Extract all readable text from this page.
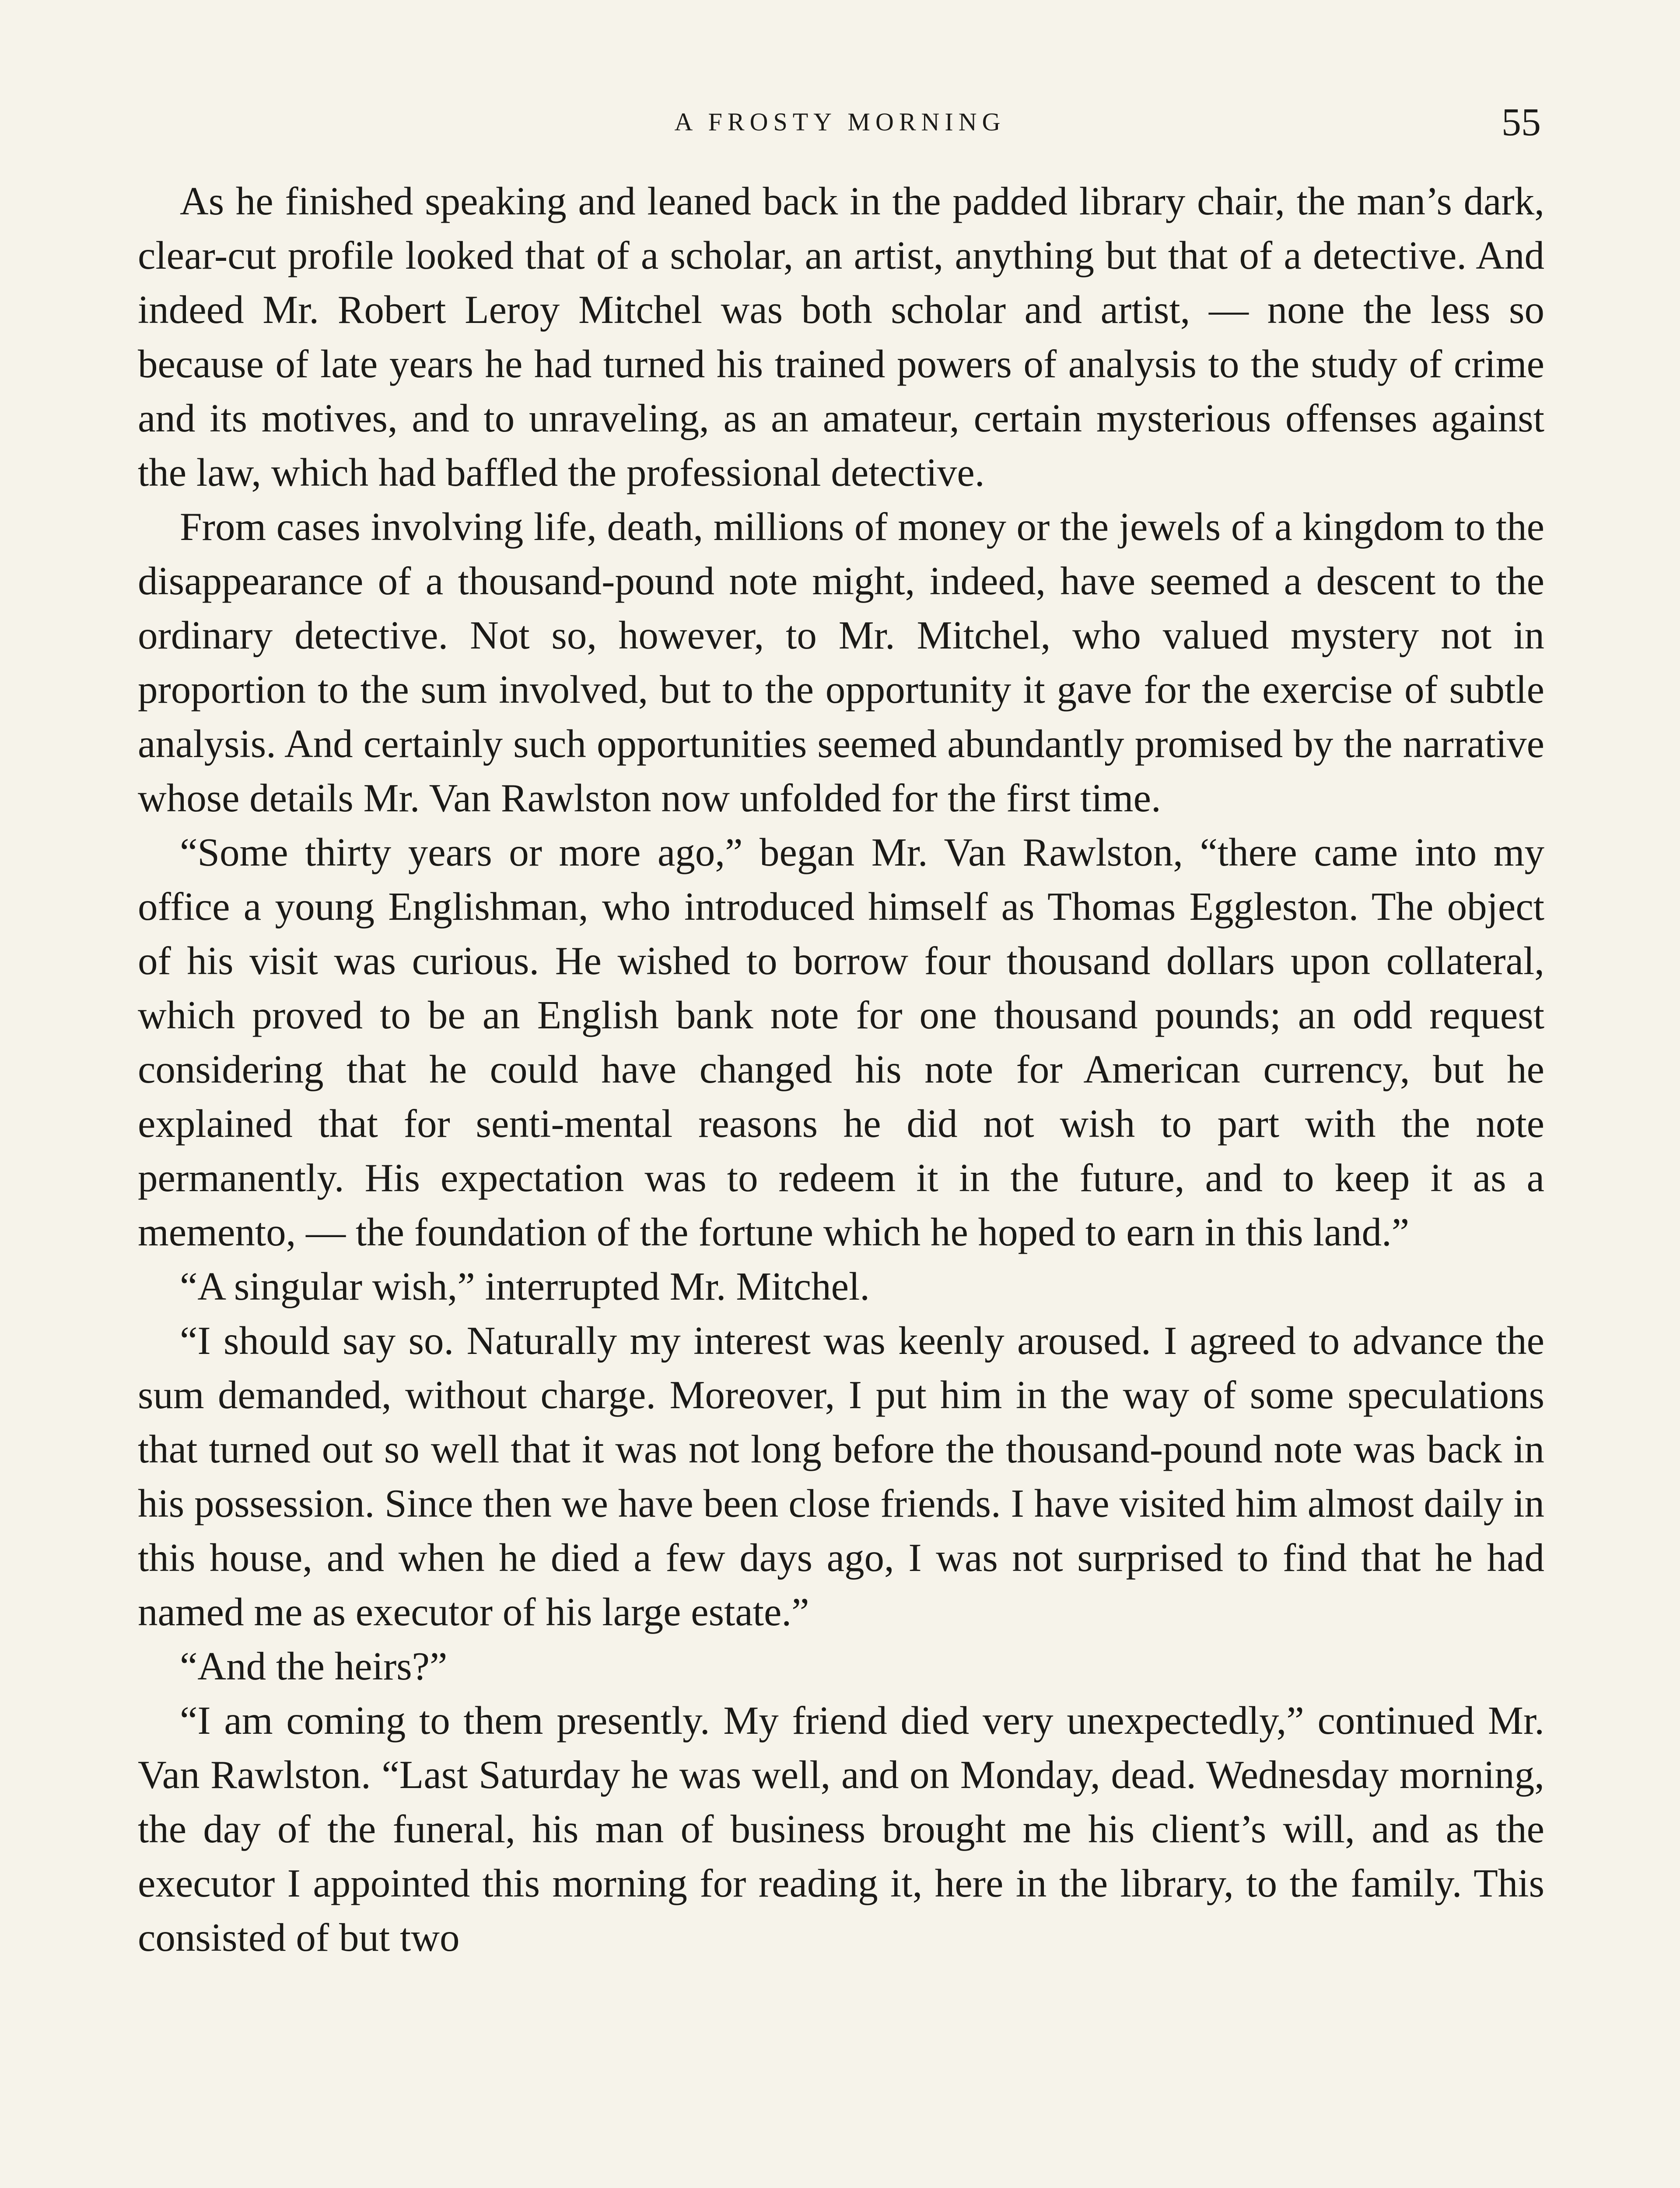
A FROSTY MORNING	55

As he finished speaking and leaned back in the padded library chair, the man’s dark, clear-cut profile looked that of a scholar, an artist, anything but that of a detective. And indeed Mr. Robert Leroy Mitchel was both scholar and artist, — none the less so because of late years he had turned his trained powers of analysis to the study of crime and its motives, and to unraveling, as an amateur, certain mysterious offenses against the law, which had baffled the professional detective.

From cases involving life, death, millions of money or the jewels of a kingdom to the disappearance of a thousand-pound note might, indeed, have seemed a descent to the ordinary detective. Not so, however, to Mr. Mitchel, who valued mystery not in proportion to the sum involved, but to the opportunity it gave for the exercise of subtle analysis. And certainly such opportunities seemed abundantly promised by the narrative whose details Mr. Van Rawlston now unfolded for the first time.

“Some thirty years or more ago,” began Mr. Van Rawlston, “there came into my office a young Englishman, who introduced himself as Thomas Eggleston. The object of his visit was curious. He wished to borrow four thousand dollars upon collateral, which proved to be an English bank note for one thousand pounds; an odd request considering that he could have changed his note for American currency, but he explained that for senti-mental reasons he did not wish to part with the note permanently. His expectation was to redeem it in the future, and to keep it as a memento, — the foundation of the fortune which he hoped to earn in this land.”

“A singular wish,” interrupted Mr. Mitchel.

“I should say so. Naturally my interest was keenly aroused. I agreed to advance the sum demanded, without charge. Moreover, I put him in the way of some speculations that turned out so well that it was not long before the thousand-pound note was back in his possession. Since then we have been close friends. I have visited him almost daily in this house, and when he died a few days ago, I was not surprised to find that he had named me as executor of his large estate.”

“And the heirs?”

“I am coming to them presently. My friend died very unexpectedly,” continued Mr. Van Rawlston. “Last Saturday he was well, and on Monday, dead. Wednesday morning, the day of the funeral, his man of business brought me his client’s will, and as the executor I appointed this morning for reading it, here in the library, to the family. This consisted of but two
